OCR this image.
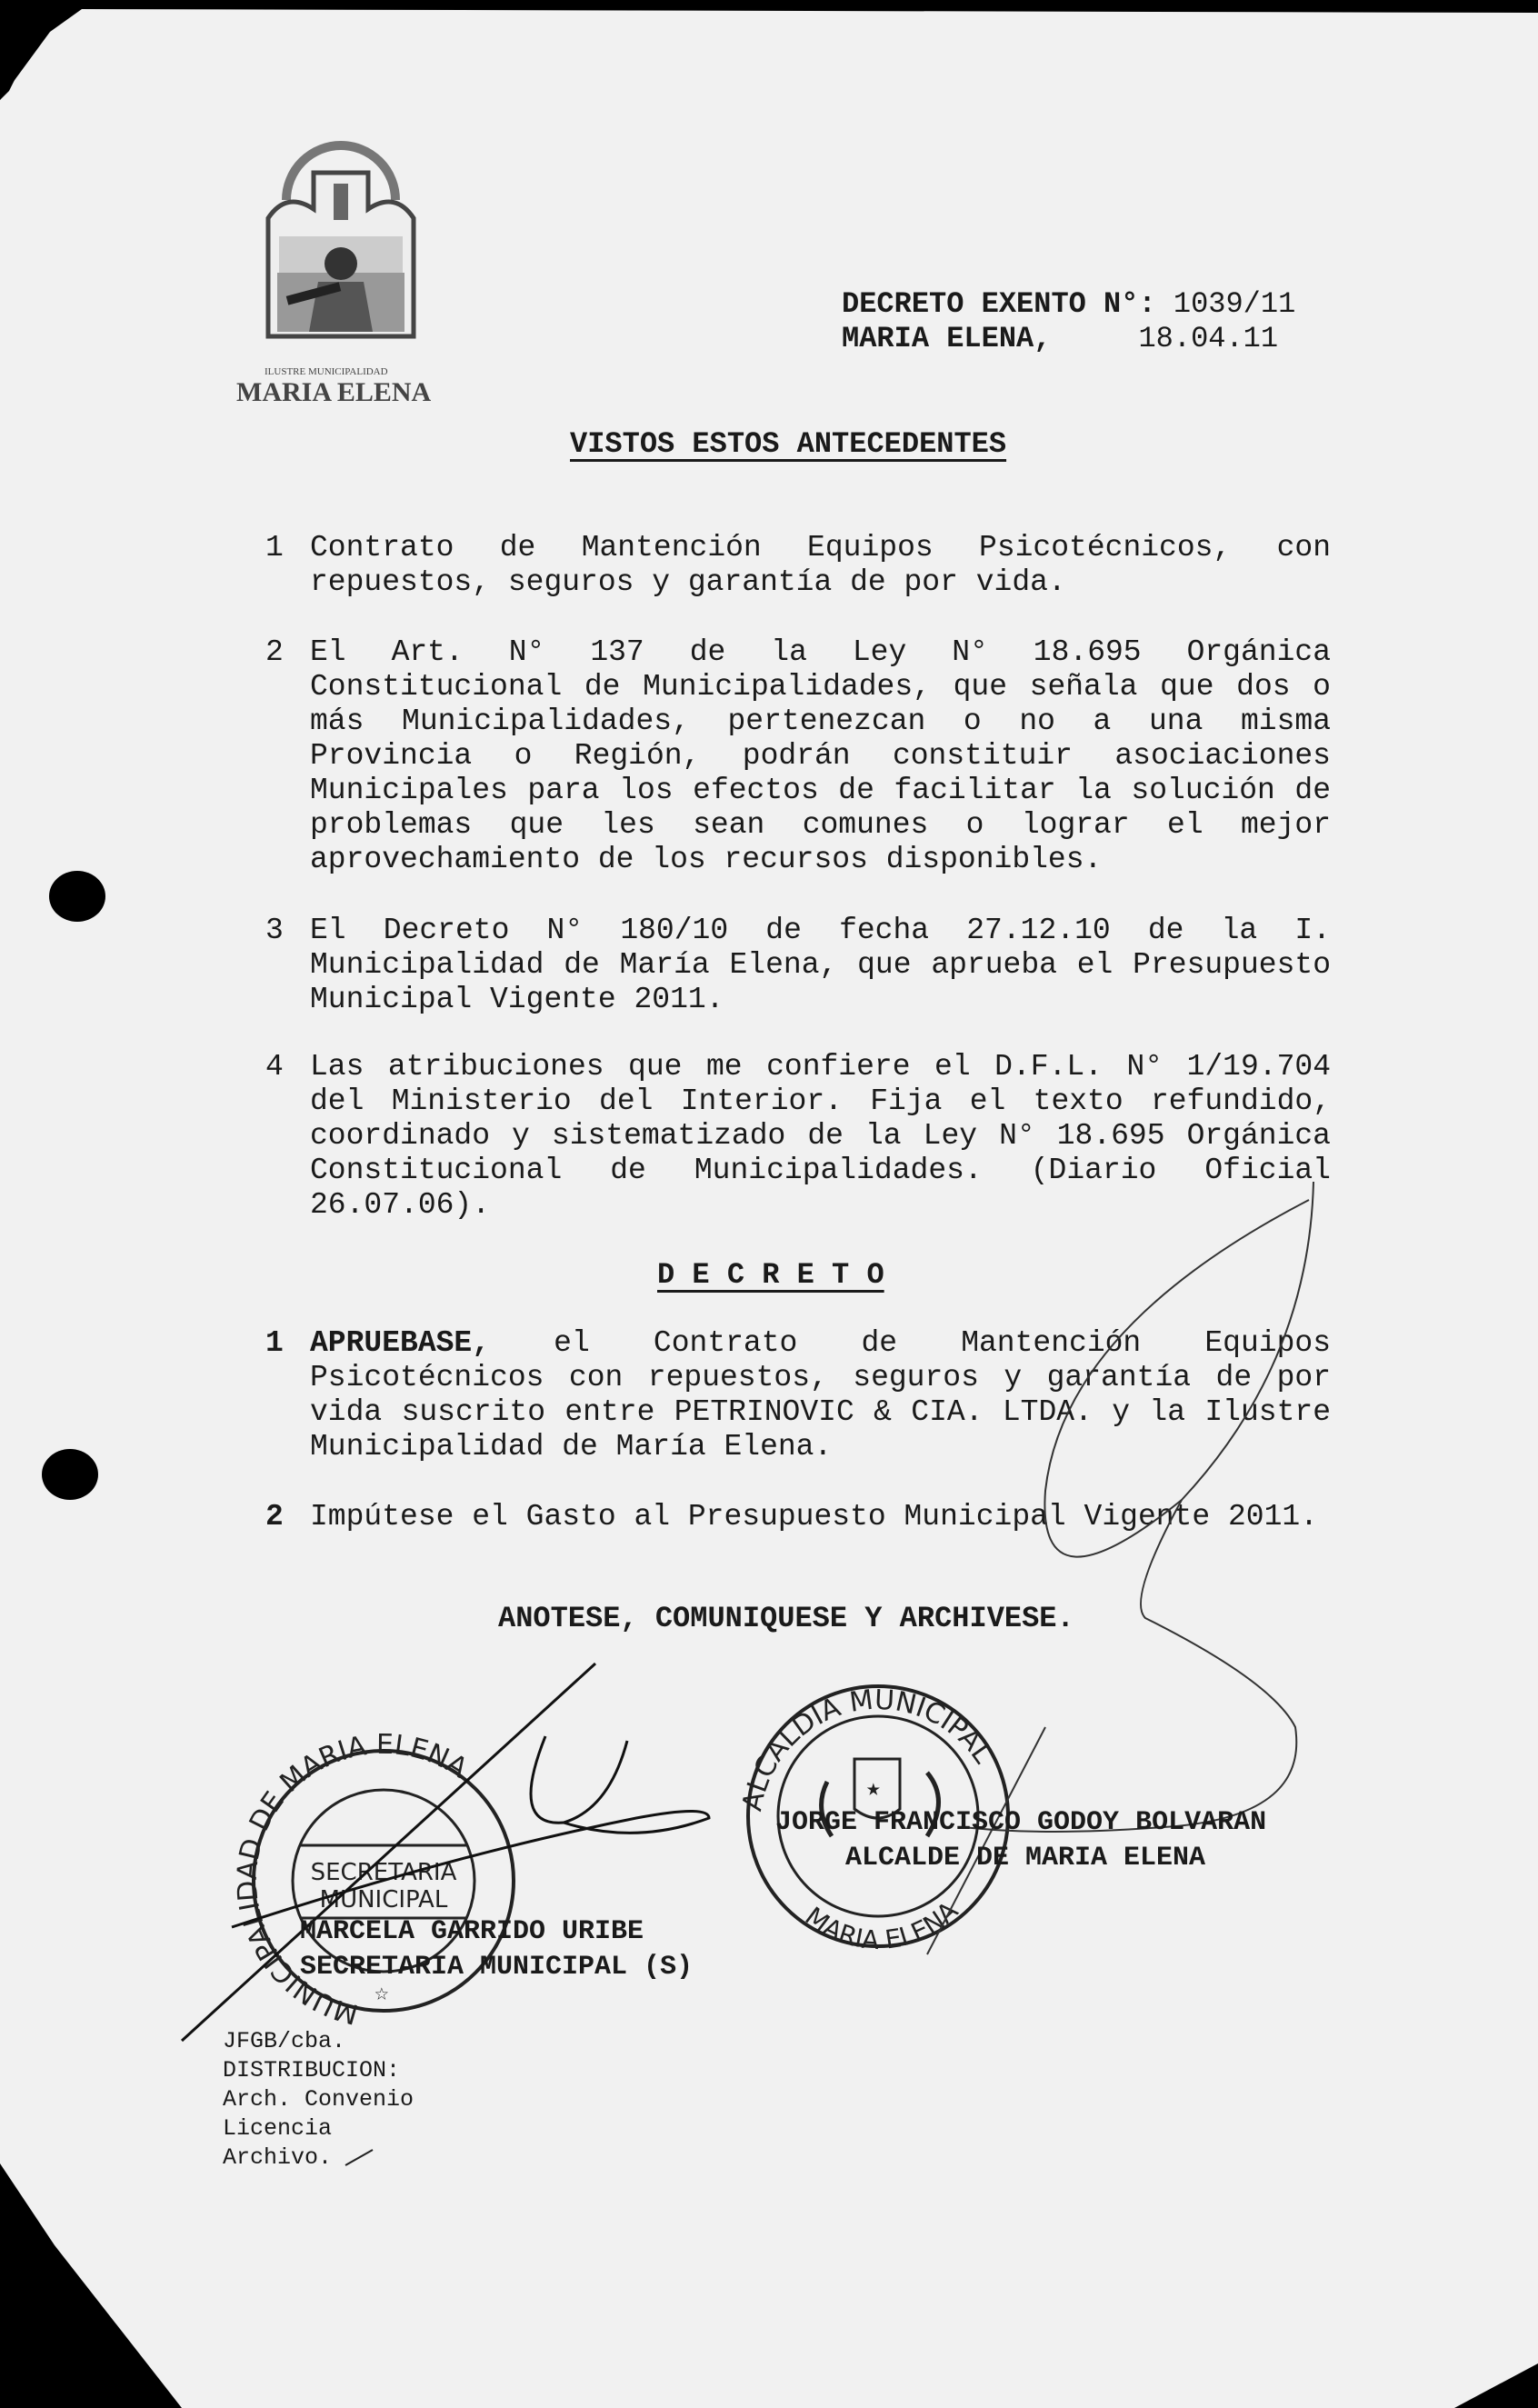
ILUSTRE MUNICIPALIDAD
MARIA ELENA
DECRETO EXENTO N°: 1039/11
MARIA ELENA,	18.04.11
VISTOS ESTOS ANTECEDENTES
1 Contrato de Mantención Equipos Psicotécnicos, con
repuestos, seguros y garantía de por vida.
2 El Art. N° 137 de la Ley N° 18.695 Orgánica
Constitucional de Municipalidades, que señala que dos o
más Municipalidades, pertenezcan o no a una misma
Provincia o Región, podrán constituir asociaciones
Municipales para los efectos de facilitar la solución de
problemas que les sean comunes o lograr el mejor
aprovechamiento de los recursos disponibles.
3 El Decreto N° 180/10 de fecha 27.12.10 de la I.
Municipalidad de María Elena, que aprueba el Presupuesto
Municipal Vigente 2011.
4 Las atribuciones que me confiere el D.F.L. N° 1/19.704
del Ministerio del Interior. Fija el texto refundido,
coordinado y sistematizado de la Ley N° 18.695 Orgánica
Constitucional de Municipalidades. (Diario Oficial
26.07.06).
D E C R E T O
1 APRUEBASE, el Contrato de Mantención Equipos
Psicotécnicos con repuestos, seguros y garantía de por
vida suscrito entre PETRINOVIC & CIA. LTDA. y la Ilustre
Municipalidad de María Elena.
2 Impútese el Gasto al Presupuesto Municipal Vigente 2011.
ANOTESE, COMUNIQUESE Y ARCHIVESE.
MUNICIPALIDAD DE MARIA ELENA
SECRETARIA
MUNICIPAL
☆
ALCALDIA MUNICIPAL
MARIA ELENA
★
JORGE FRANCISCO GODOY BOLVARAN
ALCALDE DE MARIA ELENA
MARCELA GARRIDO URIBE
SECRETARIA MUNICIPAL (S)
JFGB/cba.
DISTRIBUCION:
Arch. Convenio
Licencia
Archivo.
